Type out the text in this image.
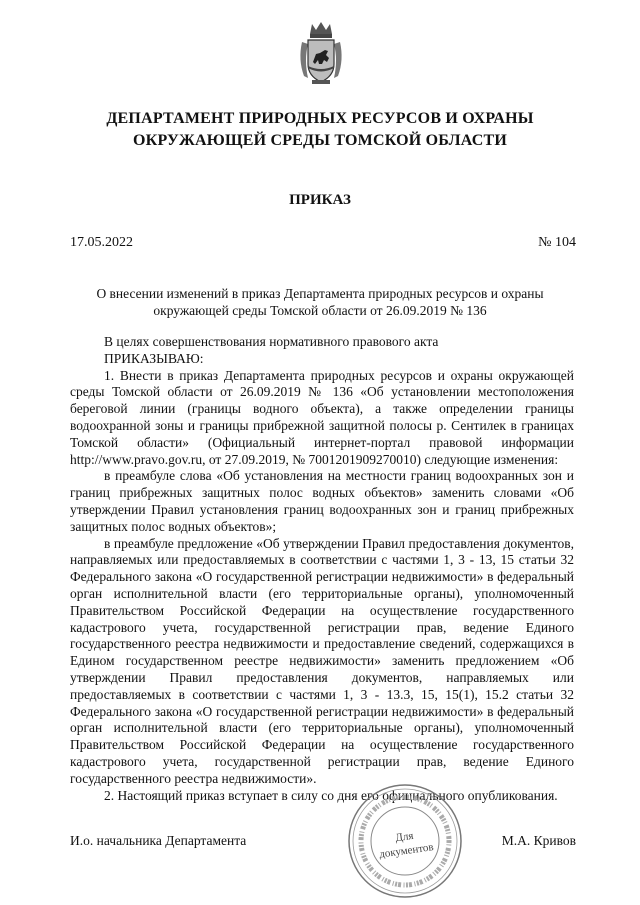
ДЕПАРТАМЕНТ ПРИРОДНЫХ РЕСУРСОВ И ОХРАНЫ
ОКРУЖАЮЩЕЙ СРЕДЫ ТОМСКОЙ ОБЛАСТИ
ПРИКАЗ
17.05.2022	№ 104
О внесении изменений в приказ Департамента природных ресурсов и охраны
окружающей среды Томской области от 26.09.2019 № 136

В целях совершенствования нормативного правового акта

ПРИКАЗЫВАЮ:

1. Внести в приказ Департамента природных ресурсов и охраны окружающей среды Томской области от 26.09.2019 № 136 «Об установлении местоположения береговой линии (границы водного объекта), а также определении границы водоохранной зоны и границы прибрежной защитной полосы р. Сентилек в границах Томской области» (Официальный интернет-портал правовой информации http://www.pravo.gov.ru, от 27.09.2019, № 7001201909270010) следующие изменения:

в преамбуле слова «Об установления на местности границ водоохранных зон и границ прибрежных защитных полос водных объектов» заменить словами «Об утверждении Правил установления границ водоохранных зон и границ прибрежных защитных полос водных объектов»;

в преамбуле предложение «Об утверждении Правил предоставления документов, направляемых или предоставляемых в соответствии с частями 1, 3 - 13, 15 статьи 32 Федерального закона «О государственной регистрации недвижимости» в федеральный орган исполнительной власти (его территориальные органы), уполномоченный Правительством Российской Федерации на осуществление государственного кадастрового учета, государственной регистрации прав, ведение Единого государственного реестра недвижимости и предоставление сведений, содержащихся в Едином государственном реестре недвижимости» заменить предложением «Об утверждении Правил предоставления документов, направляемых или предоставляемых в соответствии с частями 1, 3 - 13.3, 15, 15(1), 15.2 статьи 32 Федерального закона «О государственной регистрации недвижимости» в федеральный орган исполнительной власти (его территориальные органы), уполномоченный Правительством Российской Федерации на осуществление государственного кадастрового учета, государственной регистрации прав, ведение Единого государственного реестра недвижимости».

2. Настоящий приказ вступает в силу со дня его официального опубликования.

Для
документов
И.о. начальника Департамента	М.А. Кривов
